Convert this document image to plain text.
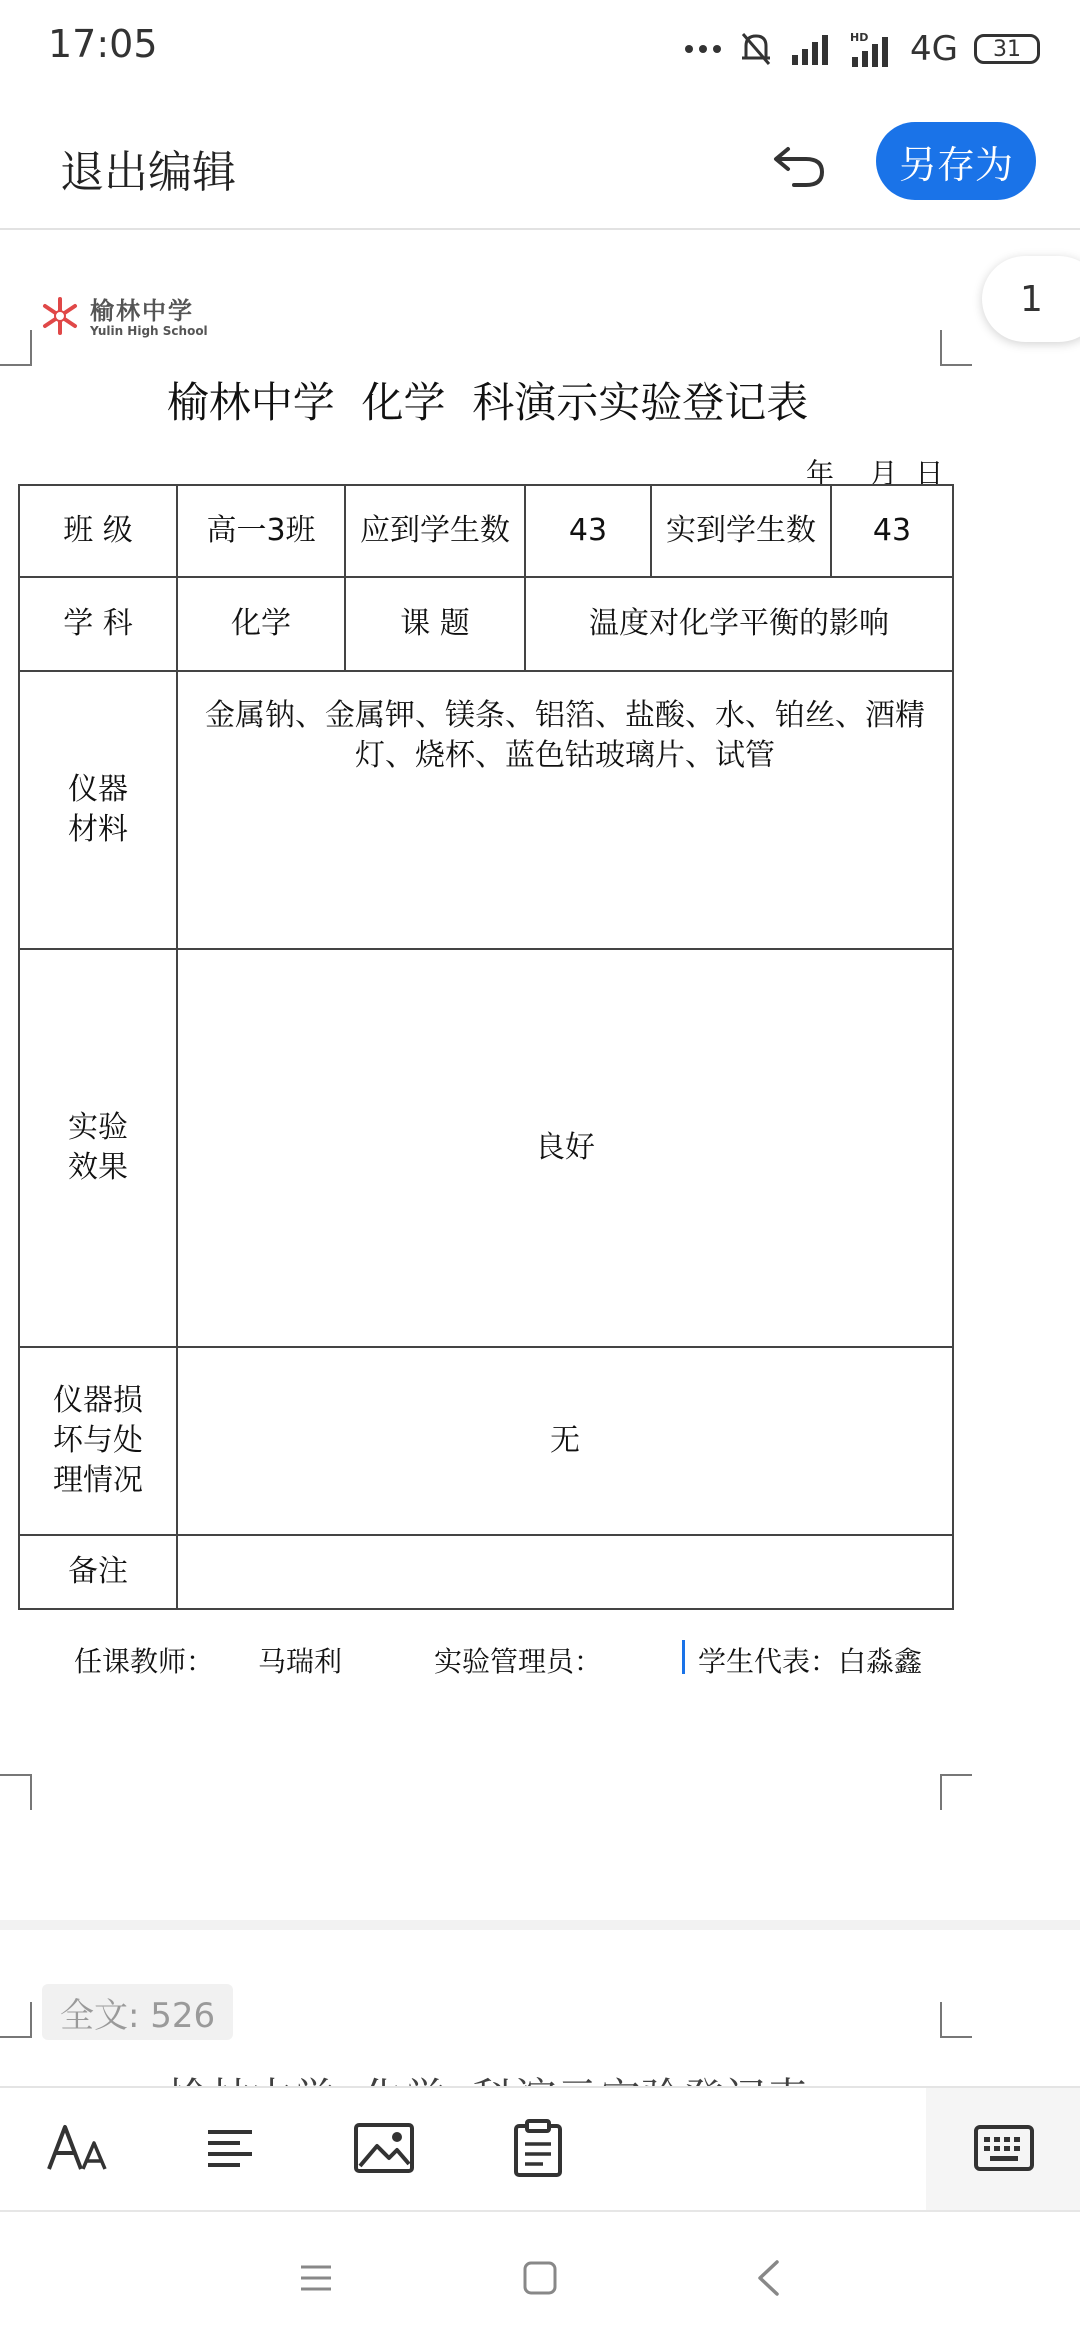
17:05	HD 4G 31
退出编辑	另存为
榆林中学
Yulin High School
榆林中学  化学  科演示实验登记表
年    月  日
班 级	高一3班	应到学生数	43	实到学生数	43
学 科	化学	课 题	温度对化学平衡的影响		

仪器
材料	金属钠、金属钾、镁条、铝箔、盐酸、水、铂丝、酒精灯、烧杯、蓝色钴玻璃片、试管				

实验
效果	良好				

仪器损
坏与处
理情况	无				
备注					
任课教师： 马瑞利	实验管理员：	学生代表：白淼鑫
1
全文: 526
